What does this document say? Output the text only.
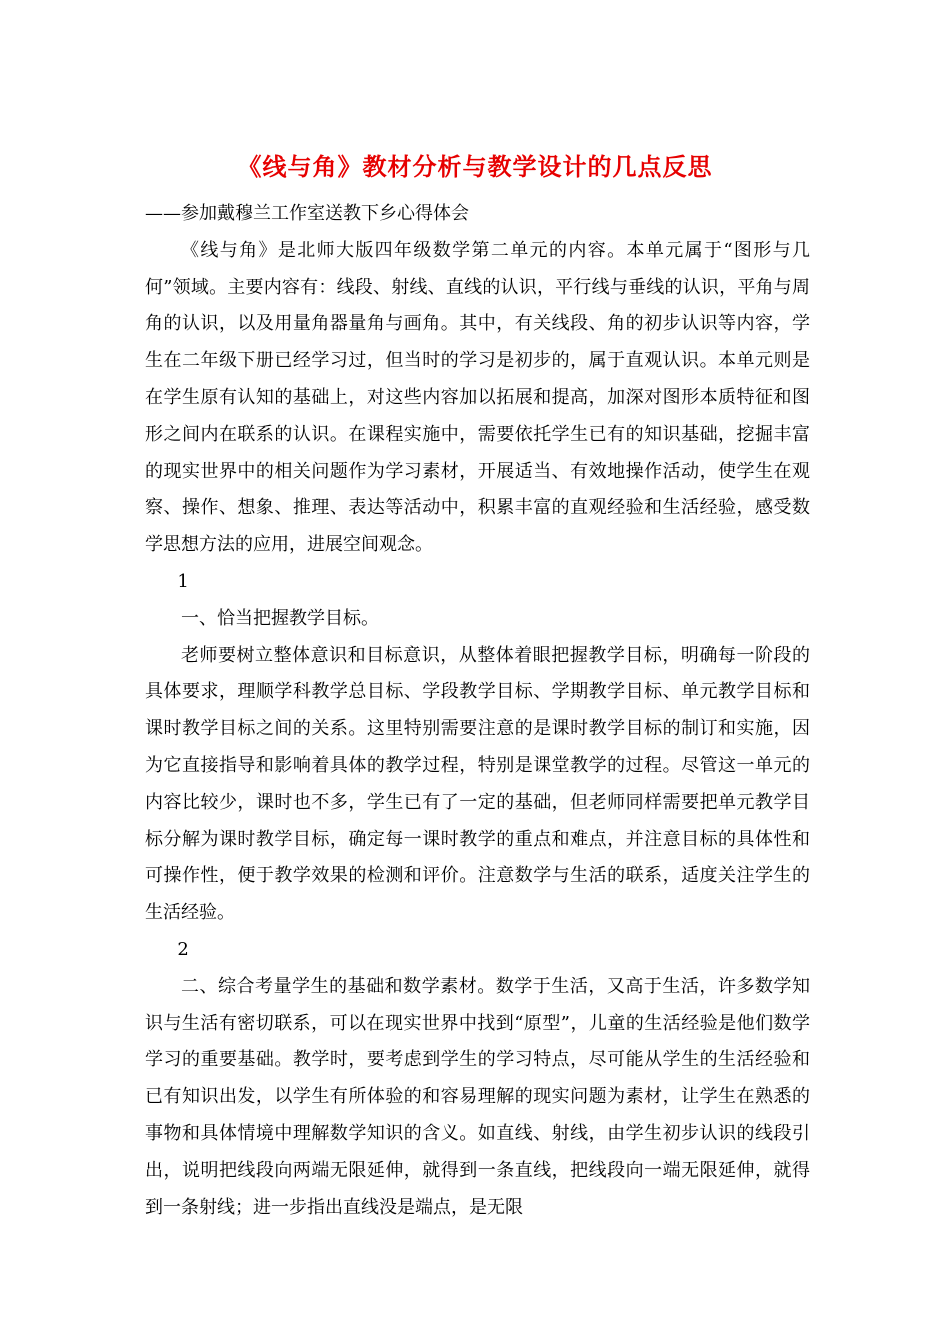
《线与角》教材分析与教学设计的几点反思

——参加戴穆兰工作室送教下乡心得体会

《线与角》是北师大版四年级数学第二单元的内容。本单元属于“图形与几何”领域。主要内容有：线段、射线、直线的认识，平行线与垂线的认识，平角与周角的认识，以及用量角器量角与画角。其中，有关线段、角的初步认识等内容，学生在二年级下册已经学习过，但当时的学习是初步的，属于直观认识。本单元则是在学生原有认知的基础上，对这些内容加以拓展和提高，加深对图形本质特征和图形之间内在联系的认识。在课程实施中，需要依托学生已有的知识基础，挖掘丰富的现实世界中的相关问题作为学习素材，开展适当、有效地操作活动，使学生在观察、操作、想象、推理、表达等活动中，积累丰富的直观经验和生活经验，感受数学思想方法的应用，进展空间观念。

1

一、恰当把握教学目标。

老师要树立整体意识和目标意识，从整体着眼把握教学目标，明确每一阶段的具体要求，理顺学科教学总目标、学段教学目标、学期教学目标、单元教学目标和课时教学目标之间的关系。这里特别需要注意的是课时教学目标的制订和实施，因为它直接指导和影响着具体的教学过程，特别是课堂教学的过程。尽管这一单元的内容比较少，课时也不多，学生已有了一定的基础，但老师同样需要把单元教学目标分解为课时教学目标，确定每一课时教学的重点和难点，并注意目标的具体性和可操作性，便于教学效果的检测和评价。注意数学与生活的联系，适度关注学生的生活经验。

2

二、综合考量学生的基础和数学素材。数学于生活，又高于生活，许多数学知识与生活有密切联系，可以在现实世界中找到“原型”，儿童的生活经验是他们数学学习的重要基础。教学时，要考虑到学生的学习特点，尽可能从学生的生活经验和已有知识出发，以学生有所体验的和容易理解的现实问题为素材，让学生在熟悉的事物和具体情境中理解数学知识的含义。如直线、射线，由学生初步认识的线段引出，说明把线段向两端无限延伸，就得到一条直线，把线段向一端无限延伸，就得到一条射线；进一步指出直线没是端点，是无限
